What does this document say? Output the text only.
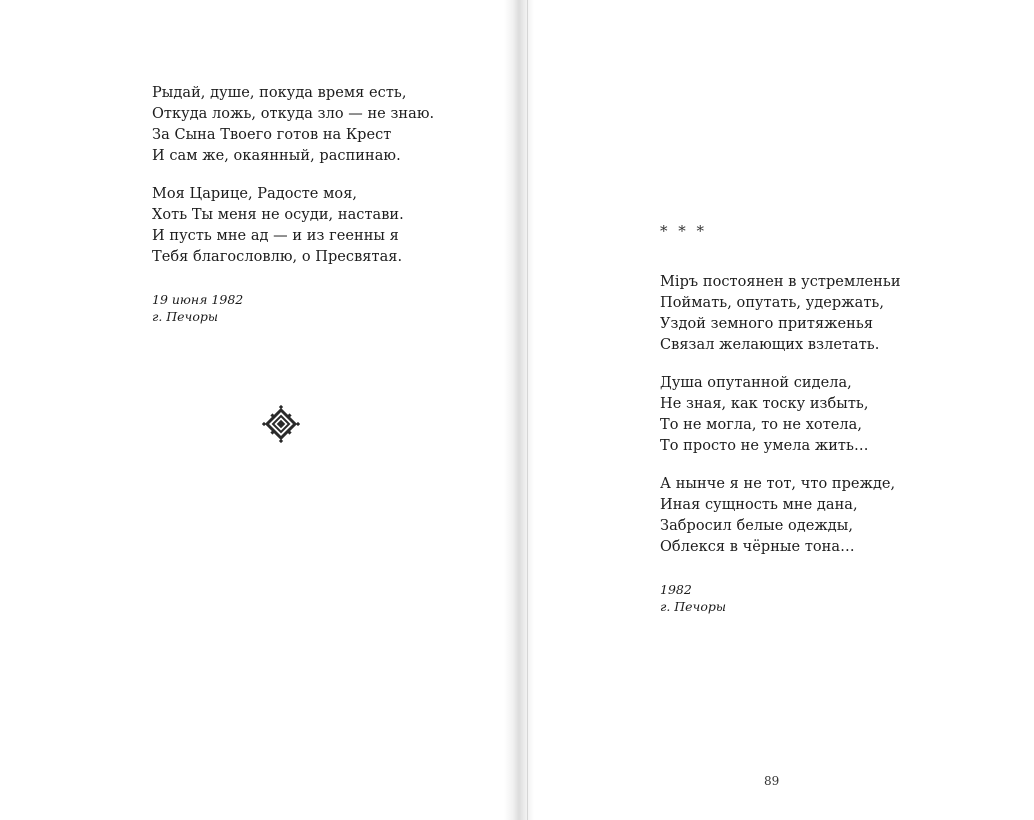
Рыдай, душе, покуда время есть,
Откуда ложь, откуда зло — не знаю.
За Сына Твоего готов на Крест
И сам же, окаянный, распинаю.
Моя Царице, Радосте моя,
Хоть Ты меня не осуди, настави.
И пусть мне ад — и из геенны я
Тебя благословлю, о Пресвятая.
19 июня 1982
г. Печоры
* * *
Міръ постоянен в устремленьи
Поймать, опутать, удержать,
Уздой земного притяженья
Связал желающих взлетать.
Душа опутанной сидела,
Не зная, как тоску избыть,
То не могла, то не хотела,
То просто не умела жить…
А нынче я не тот, что прежде,
Иная сущность мне дана,
Забросил белые одежды,
Облекся в чёрные тона…
1982
г. Печоры
89
